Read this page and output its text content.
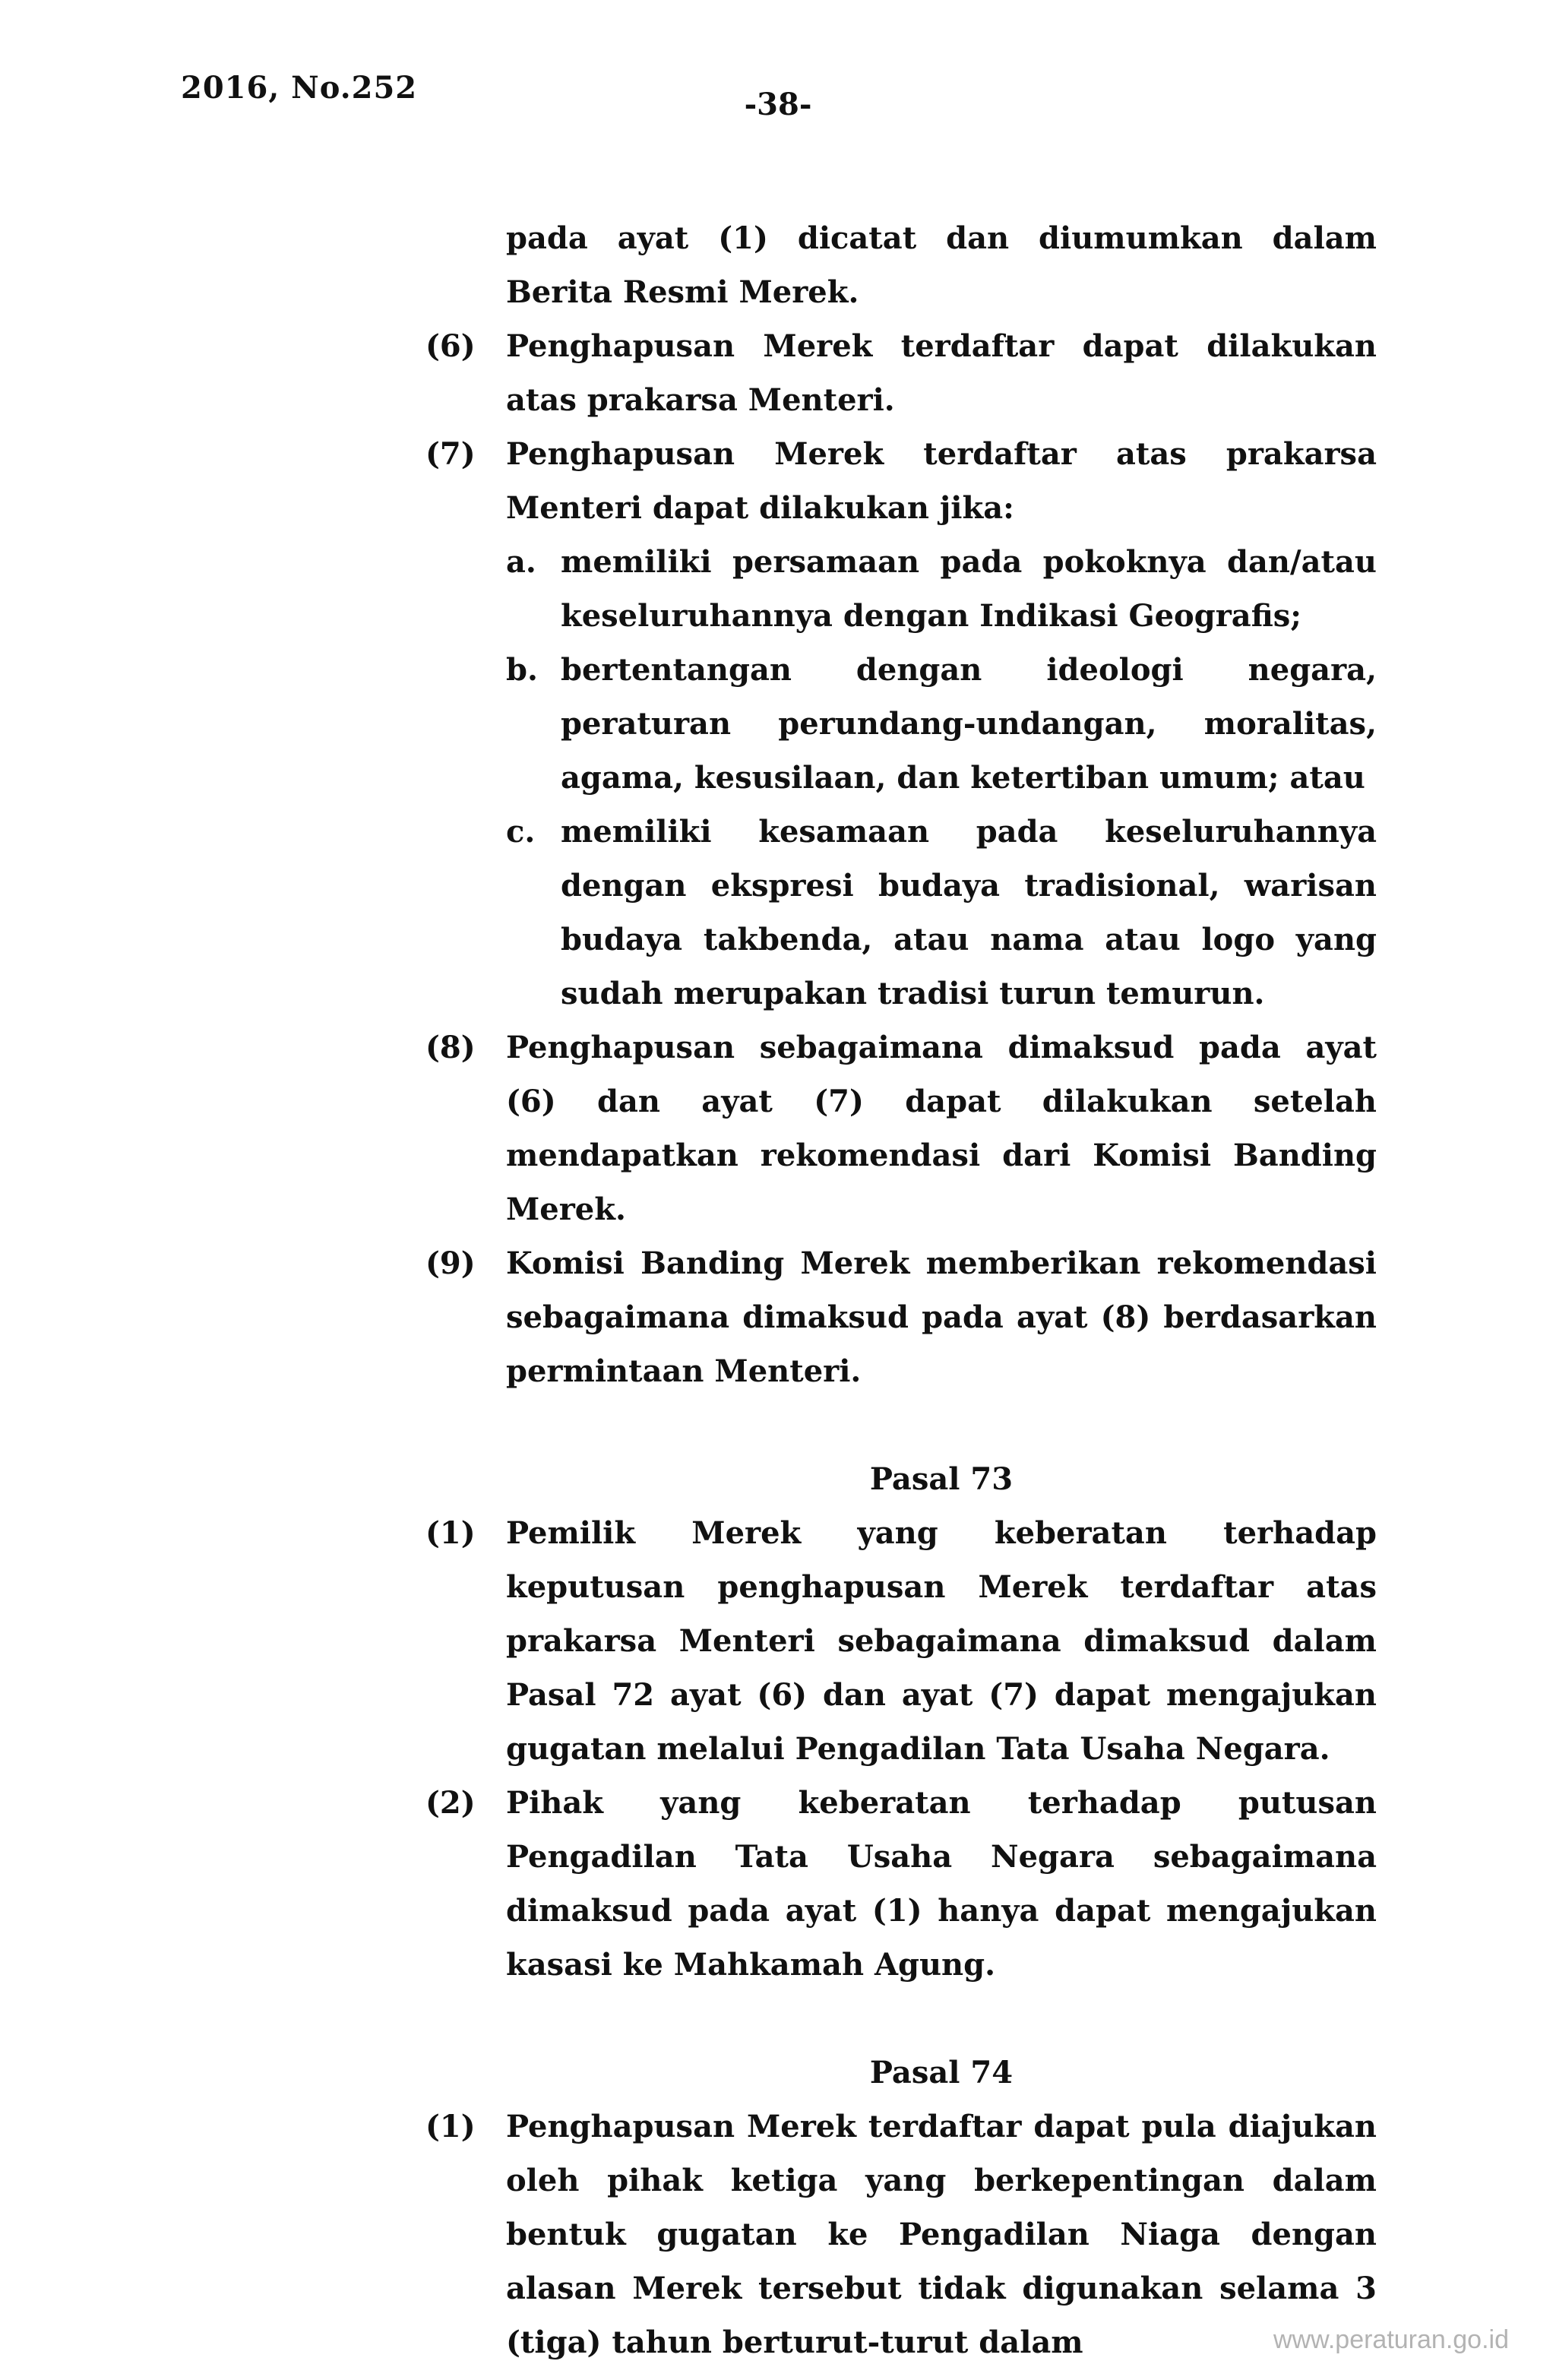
2016, No.252	-38-
pada ayat (1) dicatat dan diumumkan dalam Berita Resmi Merek.
(6) Penghapusan Merek terdaftar dapat dilakukan atas prakarsa Menteri.
(7) Penghapusan Merek terdaftar atas prakarsa Menteri dapat dilakukan jika:
a. memiliki persamaan pada pokoknya dan/atau keseluruhannya dengan Indikasi Geografis;
b. bertentangan dengan ideologi negara, peraturan perundang-undangan, moralitas, agama, kesusilaan, dan ketertiban umum; atau
c. memiliki kesamaan pada keseluruhannya dengan ekspresi budaya tradisional, warisan budaya takbenda, atau nama atau logo yang sudah merupakan tradisi turun temurun.
(8) Penghapusan sebagaimana dimaksud pada ayat (6) dan ayat (7) dapat dilakukan setelah mendapatkan rekomendasi dari Komisi Banding Merek.
(9) Komisi Banding Merek memberikan rekomendasi sebagaimana dimaksud pada ayat (8) berdasarkan permintaan Menteri.
Pasal 73
(1) Pemilik Merek yang keberatan terhadap keputusan penghapusan Merek terdaftar atas prakarsa Menteri sebagaimana dimaksud dalam Pasal 72 ayat (6) dan ayat (7) dapat mengajukan gugatan melalui Pengadilan Tata Usaha Negara.
(2) Pihak yang keberatan terhadap putusan Pengadilan Tata Usaha Negara sebagaimana dimaksud pada ayat (1) hanya dapat mengajukan kasasi ke Mahkamah Agung.
Pasal 74
(1) Penghapusan Merek terdaftar dapat pula diajukan oleh pihak ketiga yang berkepentingan dalam bentuk gugatan ke Pengadilan Niaga dengan alasan Merek tersebut tidak digunakan selama 3 (tiga) tahun berturut-turut dalam	www.peraturan.go.id
